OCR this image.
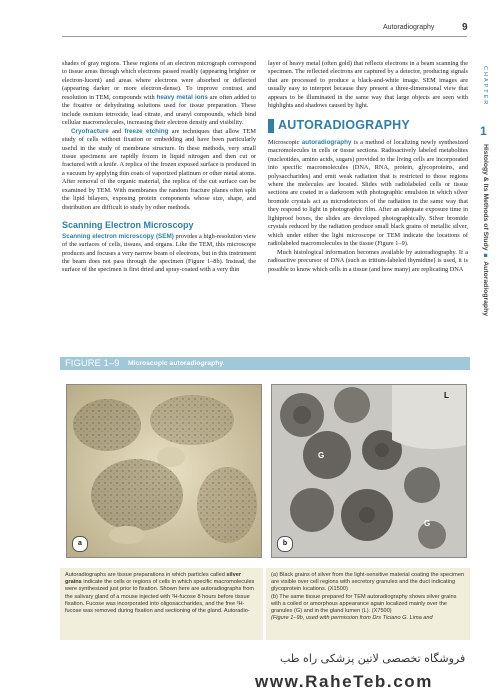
Autoradiography	9
CHAPTER
1
Histology & Its Methods of Study ■ Autoradiography

shades of gray regions. These regions of an electron micrograph correspond to tissue areas through which electrons passed readily (appearing brighter or electron-lucent) and areas where electrons were absorbed or deflected (appearing darker or more electron-dense). To improve contrast and resolution in TEM, compounds with heavy metal ions are often added to the fixative or dehydrating solutions used for tissue preparation. These include osmium tetroxide, lead citrate, and uranyl compounds, which bind cellular macromolecules, increasing their electron density and visibility.

Cryofracture and freeze etching are techniques that allow TEM study of cells without fixation or embedding and have been particularly useful in the study of membrane structure. In these methods, very small tissue specimens are rapidly frozen in liquid nitrogen and then cut or fractured with a knife. A replica of the frozen exposed surface is produced in a vacuum by applying thin coats of vaporized platinum or other metal atoms. After removal of the organic material, the replica of the cut surface can be examined by TEM. With membranes the random fracture planes often split the lipid bilayers, exposing protein components whose size, shape, and distribution are difficult to study by other methods.

Scanning Electron Microscopy

Scanning electron microscopy (SEM) provides a high-resolution view of the surfaces of cells, tissues, and organs. Like the TEM, this microscope produces and focuses a very narrow beam of electrons, but in this instrument the beam does not pass through the specimen (Figure 1–8b). Instead, the surface of the specimen is first dried and spray-coated with a very thin

layer of heavy metal (often gold) that reflects electrons in a beam scanning the specimen. The reflected electrons are captured by a detector, producing signals that are processed to produce a black-and-white image. SEM images are usually easy to interpret because they present a three-dimensional view that appears to be illuminated in the same way that large objects are seen with highlights and shadows caused by light.

AUTORADIOGRAPHY

Microscopic autoradiography is a method of localizing newly synthesized macromolecules in cells or tissue sections. Radioactively labeled metabolites (nucleotides, amino acids, sugars) provided to the living cells are incorporated into specific macromolecules (DNA, RNA, protein, glycoproteins, and polysaccharides) and emit weak radiation that is restricted to those regions where the molecules are located. Slides with radiolabeled cells or tissue sections are coated in a darkroom with photographic emulsion in which silver bromide crystals act as microdetectors of the radiation in the same way that they respond to light in photographic film. After an adequate exposure time in lightproof boxes, the slides are developed photographically. Silver bromide crystals reduced by the radiation produce small black grains of metallic silver, which under either the light microscope or TEM indicate the locations of radiolabeled macromolecules in the tissue (Figure 1–9).

Much histological information becomes available by autoradiography. If a radioactive precursor of DNA (such as tritium-labeled thymidine) is used, it is possible to know which cells in a tissue (and how many) are replicating DNA

FIGURE 1–9 Microscopic autoradiography.
a
G
G
L
b

Autoradiographs are tissue preparations in which particles called silver grains indicate the cells or regions of cells in which specific macromolecules were synthesized just prior to fixation. Shown here are autoradiographs from the salivary gland of a mouse injected with ³H-fucose 8 hours before tissue fixation. Fucose was incorporated into oligosaccharides, and the free ³H-fucose was removed during fixation and sectioning of the gland. Autoradio-

(a) Black grains of silver from the light-sensitive material coating the specimen are visible over cell regions with secretory granules and the duct indicating glycoprotein locations. (X1500)

(b) The same tissue prepared for TEM autoradiography shows silver grains with a coiled or amorphous appearance again localized mainly over the granules (G) and in the gland lumen (L). (X7500)

(Figure 1–9b, used with permission from Drs Ticiano G. Lima and

فروشگاه تخصصی لاتین پزشکی راه طب
www.RaheTeb.com
